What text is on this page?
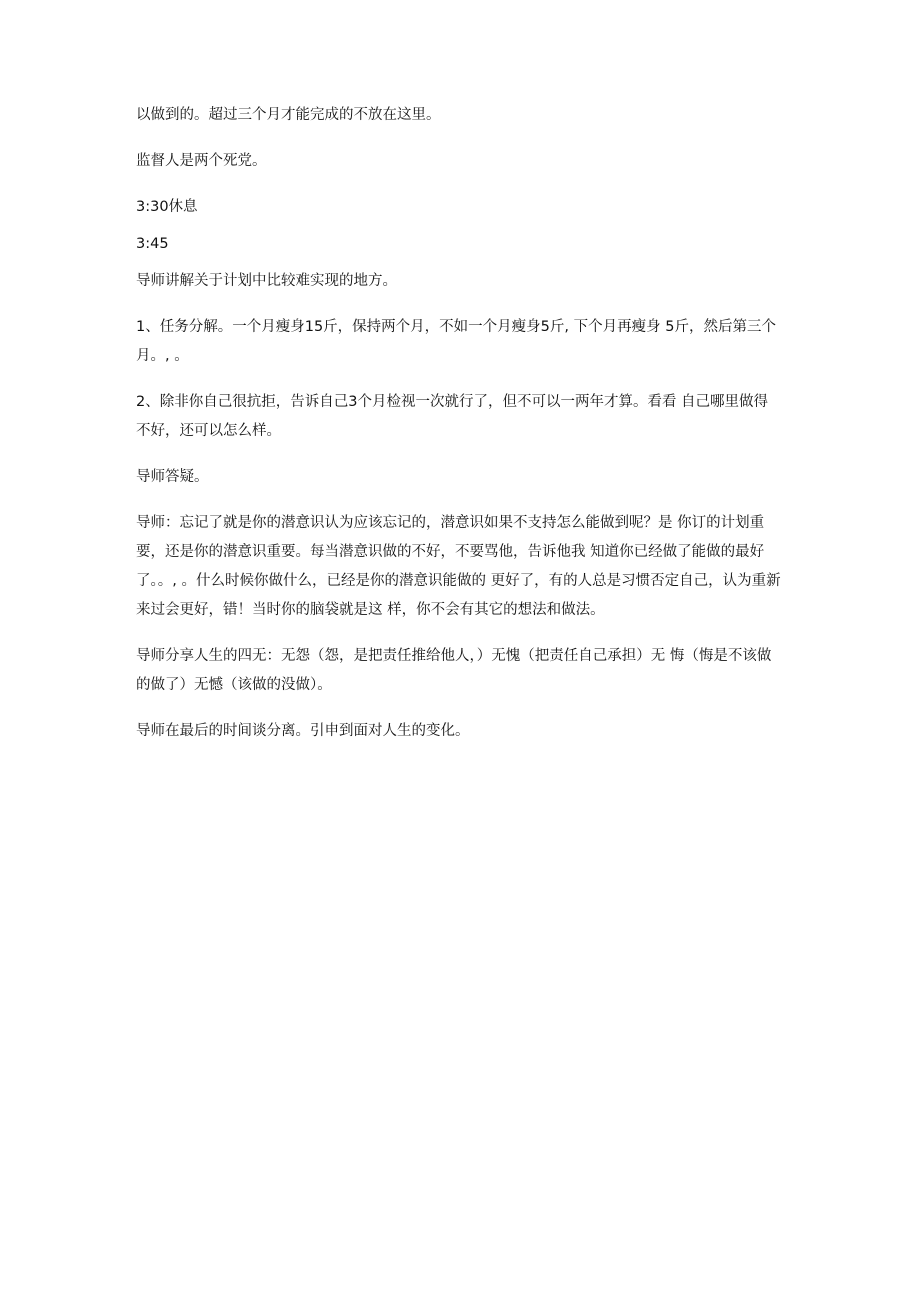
以做到的。超过三个月才能完成的不放在这里。

监督人是两个死党。

3:30休息

3:45

导师讲解关于计划中比较难实现的地方。

1、任务分解。一个月瘦身15斤，保持两个月，不如一个月瘦身5斤, 下个月再瘦身 5斤，然后第三个月。, 。

2、除非你自己很抗拒，告诉自己3个月检视一次就行了，但不可以一两年才算。看看 自己哪里做得不好，还可以怎么样。

导师答疑。

导师：忘记了就是你的潜意识认为应该忘记的，潜意识如果不支持怎么能做到呢？是 你订的计划重要，还是你的潜意识重要。每当潜意识做的不好，不要骂他，告诉他我 知道你已经做了能做的最好了。。, 。什么时候你做什么，已经是你的潜意识能做的 更好了，有的人总是习惯否定自己，认为重新来过会更好，错！当时你的脑袋就是这 样，你不会有其它的想法和做法。

导师分享人生的四无：无怨（怨，是把责任推给他人，）无愧（把责任自己承担）无 悔（悔是不该做的做了）无憾（该做的没做）。

导师在最后的时间谈分离。引申到面对人生的变化。
